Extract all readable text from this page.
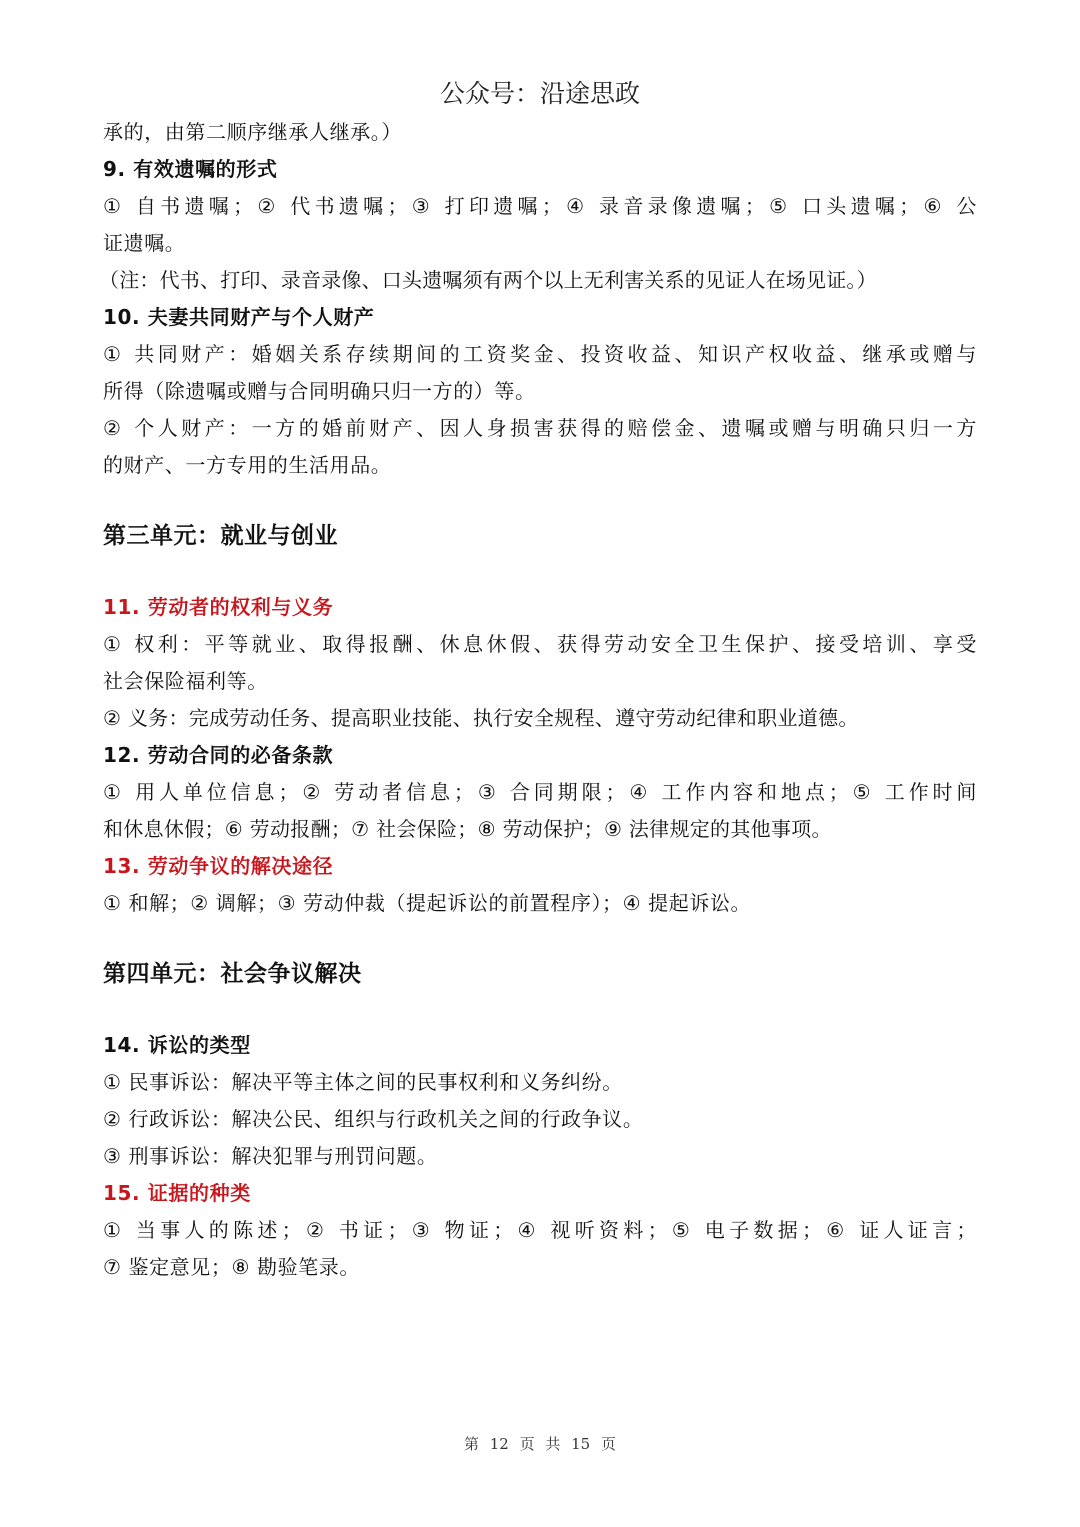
公众号：沿途思政
承的，由第二顺序继承人继承。）
9. 有效遗嘱的形式
① 自书遗嘱；② 代书遗嘱；③ 打印遗嘱；④ 录音录像遗嘱；⑤ 口头遗嘱；⑥ 公
证遗嘱。
（注：代书、打印、录音录像、口头遗嘱须有两个以上无利害关系的见证人在场见证。）
10. 夫妻共同财产与个人财产
① 共同财产：婚姻关系存续期间的工资奖金、投资收益、知识产权收益、继承或赠与
所得（除遗嘱或赠与合同明确只归一方的）等。
② 个人财产：一方的婚前财产、因人身损害获得的赔偿金、遗嘱或赠与明确只归一方
的财产、一方专用的生活用品。
第三单元：就业与创业
11. 劳动者的权利与义务
① 权利：平等就业、取得报酬、休息休假、获得劳动安全卫生保护、接受培训、享受
社会保险福利等。
② 义务：完成劳动任务、提高职业技能、执行安全规程、遵守劳动纪律和职业道德。
12. 劳动合同的必备条款
① 用人单位信息；② 劳动者信息；③ 合同期限；④ 工作内容和地点；⑤ 工作时间
和休息休假；⑥ 劳动报酬；⑦ 社会保险；⑧ 劳动保护；⑨ 法律规定的其他事项。
13. 劳动争议的解决途径
① 和解；② 调解；③ 劳动仲裁（提起诉讼的前置程序）；④ 提起诉讼。
第四单元：社会争议解决
14. 诉讼的类型
① 民事诉讼：解决平等主体之间的民事权利和义务纠纷。
② 行政诉讼：解决公民、组织与行政机关之间的行政争议。
③ 刑事诉讼：解决犯罪与刑罚问题。
15. 证据的种类
① 当事人的陈述；② 书证；③ 物证；④ 视听资料；⑤ 电子数据；⑥ 证人证言；
⑦ 鉴定意见；⑧ 勘验笔录。
第 12 页 共 15 页
